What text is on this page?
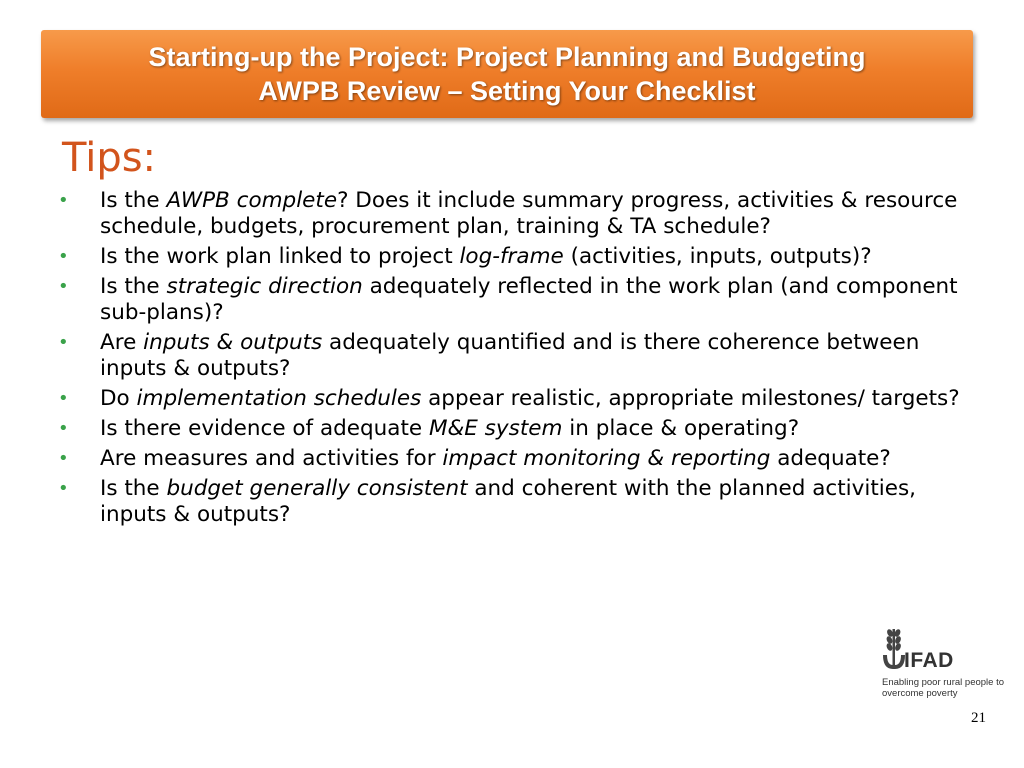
Starting-up the Project: Project Planning and Budgeting
AWPB Review – Setting Your Checklist
Tips:
• Is the AWPB complete? Does it include summary progress, activities & resource schedule, budgets, procurement plan, training & TA schedule?
• Is the work plan linked to project log-frame (activities, inputs, outputs)?
• Is the strategic direction adequately reflected in the work plan (and component sub-plans)?
• Are inputs & outputs adequately quantified and is there coherence between inputs & outputs?
• Do implementation schedules appear realistic, appropriate milestones/ targets?
• Is there evidence of adequate M&E system in place & operating?
• Are measures and activities for impact monitoring & reporting adequate?
• Is the budget generally consistent and coherent with the planned activities, inputs & outputs?
IFAD
Enabling poor rural people to overcome poverty
21
